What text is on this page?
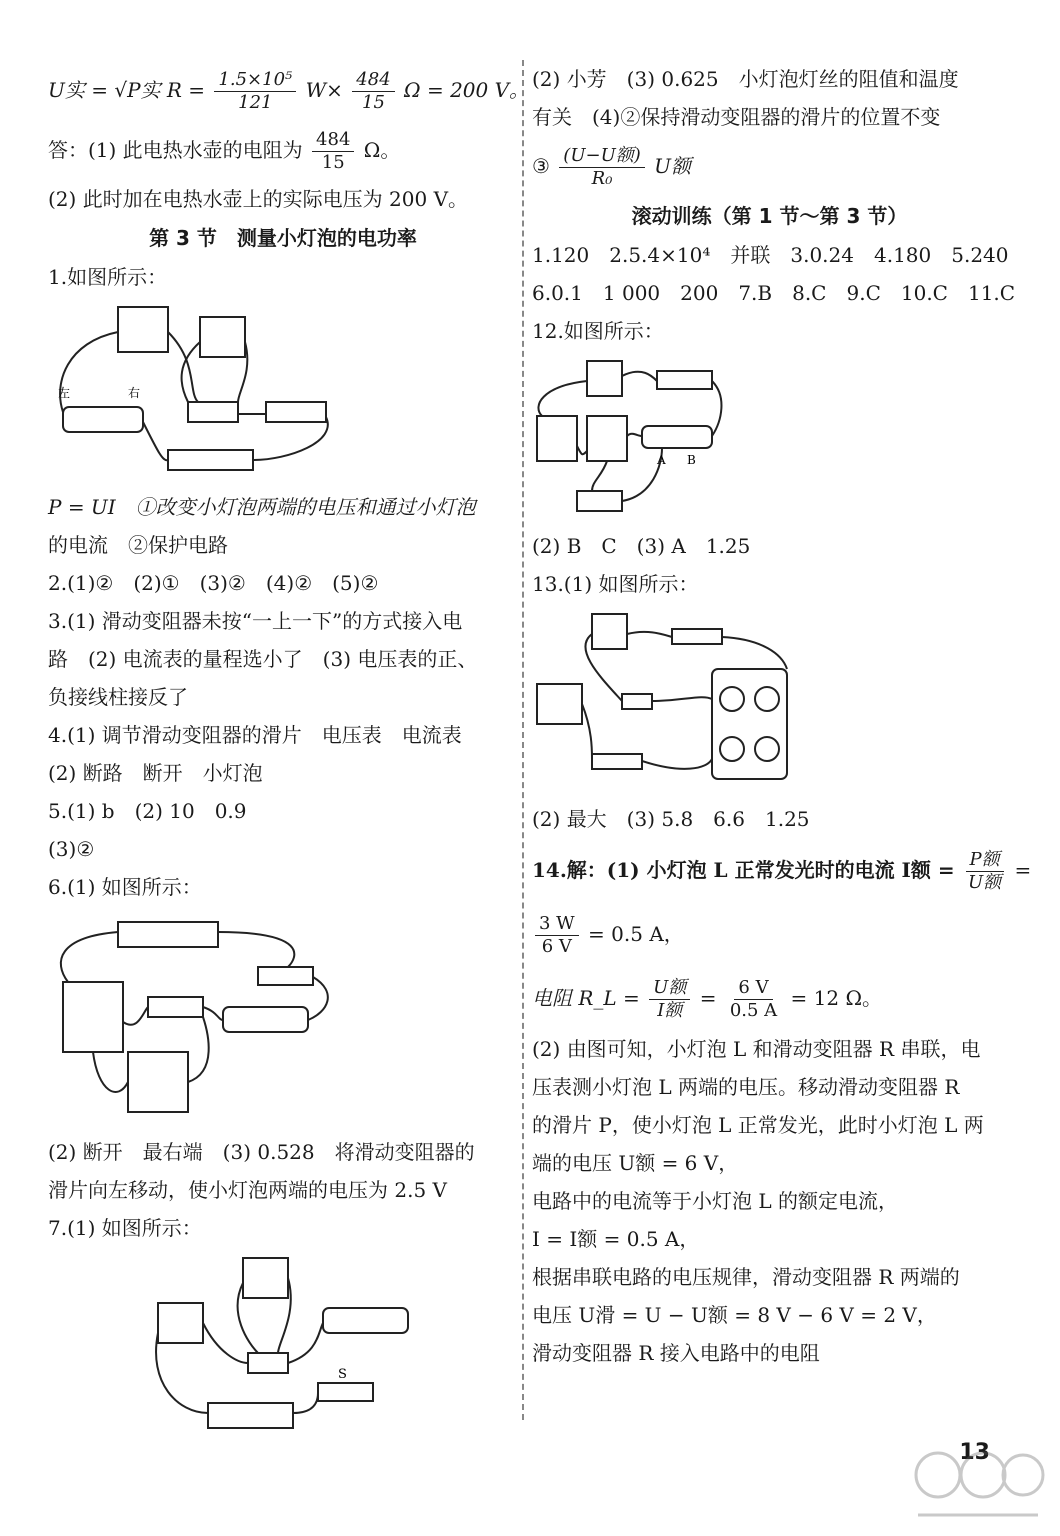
U实 = √P实 $R = \frac{\text{1.5×10⁵}}{121} W\times \frac{484}{15}$ Ω = 200 V。
答：(1) 此电热水壶的电阻为 $\frac{484}{15}$ Ω。
(2) 此时加在电热水壶上的实际电压为 200 V。
第 3 节　测量小灯泡的电功率
1.如图所示：
左	右
P = UI　①改变小灯泡两端的电压和通过小灯泡
的电流　②保护电路
2.(1)②　(2)①　(3)②　(4)②　(5)②
3.(1) 滑动变阻器未按“一上一下”的方式接入电
路　(2) 电流表的量程选小了　(3) 电压表的正、
负接线柱接反了
4.(1) 调节滑动变阻器的滑片　电压表　电流表
(2) 断路　断开　小灯泡
5.(1) b　(2) 10　0.9
(3)②
6.(1) 如图所示：
(2) 断开　最右端　(3) 0.528　将滑动变阻器的
滑片向左移动，使小灯泡两端的电压为 2.5 V
7.(1) 如图所示：
S
(2) 小芳　(3) 0.625　小灯泡灯丝的阻值和温度
有关　(4)②保持滑动变阻器的滑片的位置不变
③ $\frac{\text{(U−U额)}}{\text{R₀}}$ U额
滚动训练（第 1 节～第 3 节）
1.120　2.5.4×10⁴　并联　3.0.24　4.180　5.240
6.0.1　1 000　200　7.B　8.C　9.C　10.C　11.C
12.如图所示：
A B
(2) B　C　(3) A　1.25
13.(1) 如图所示：
(2) 最大　(3) 5.8　6.6　1.25
14.解：(1) 小灯泡 L 正常发光时的电流 I额 = $\frac{\text{P额}}{\text{U额}}$ =
$\frac{3 W}{6 V} = 0.5$ A，
电阻 R_L = $\frac{\text{U额}}{\text{I额}} = \frac{6 V}{0.5 A} = 12$ Ω。
(2) 由图可知，小灯泡 L 和滑动变阻器 R 串联，电
压表测小灯泡 L 两端的电压。移动滑动变阻器 R
的滑片 P，使小灯泡 L 正常发光，此时小灯泡 L 两
端的电压 U额 = 6 V，
电路中的电流等于小灯泡 L 的额定电流，
I = I额 = 0.5 A，
根据串联电路的电压规律，滑动变阻器 R 两端的
电压 U滑 = U − U额 = 8 V − 6 V = 2 V，
滑动变阻器 R 接入电路中的电阻
13
